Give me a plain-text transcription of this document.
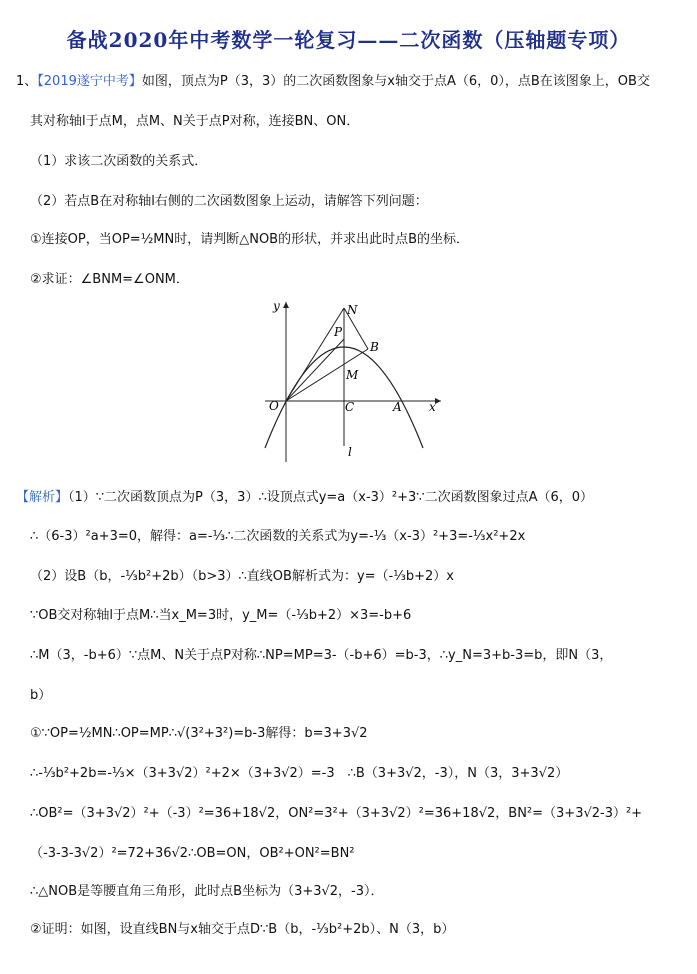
备战2020年中考数学一轮复习——二次函数（压轴题专项）
1、【2019遂宁中考】如图，顶点为P（3，3）的二次函数图象与x轴交于点A（6，0），点B在该图象上，OB交
其对称轴l于点M，点M、N关于点P对称，连接BN、ON．
（1）求该二次函数的关系式．
（2）若点B在对称轴l右侧的二次函数图象上运动，请解答下列问题：
①连接OP，当OP=½MN时，请判断△NOB的形状，并求出此时点B的坐标．
②求证：∠BNM=∠ONM．
y	N
P
B
M
O	C	A x
l
【解析】（1）∵二次函数顶点为P（3，3）∴设顶点式y=a（x-3）²+3∵二次函数图象过点A（6，0）
∴（6-3）²a+3=0，解得：a=-⅓∴二次函数的关系式为y=-⅓（x-3）²+3=-⅓x²+2x
（2）设B（b，-⅓b²+2b）（b>3）∴直线OB解析式为：y=（-⅓b+2）x
∵OB交对称轴l于点M∴当x_M=3时，y_M=（-⅓b+2）×3=-b+6
∴M（3，-b+6）∵点M、N关于点P对称∴NP=MP=3-（-b+6）=b-3，∴y_N=3+b-3=b，即N（3，
b）
①∵OP=½MN∴OP=MP∴√(3²+3²)=b-3解得：b=3+3√2
∴-⅓b²+2b=-⅓×（3+3√2）²+2×（3+3√2）=-3　∴B（3+3√2，-3），N（3，3+3√2）
∴OB²=（3+3√2）²+（-3）²=36+18√2，ON²=3²+（3+3√2）²=36+18√2，BN²=（3+3√2-3）²+
（-3-3-3√2）²=72+36√2∴OB=ON，OB²+ON²=BN²
∴△NOB是等腰直角三角形，此时点B坐标为（3+3√2，-3）．
②证明：如图，设直线BN与x轴交于点D∵B（b，-⅓b²+2b）、N（3，b）
